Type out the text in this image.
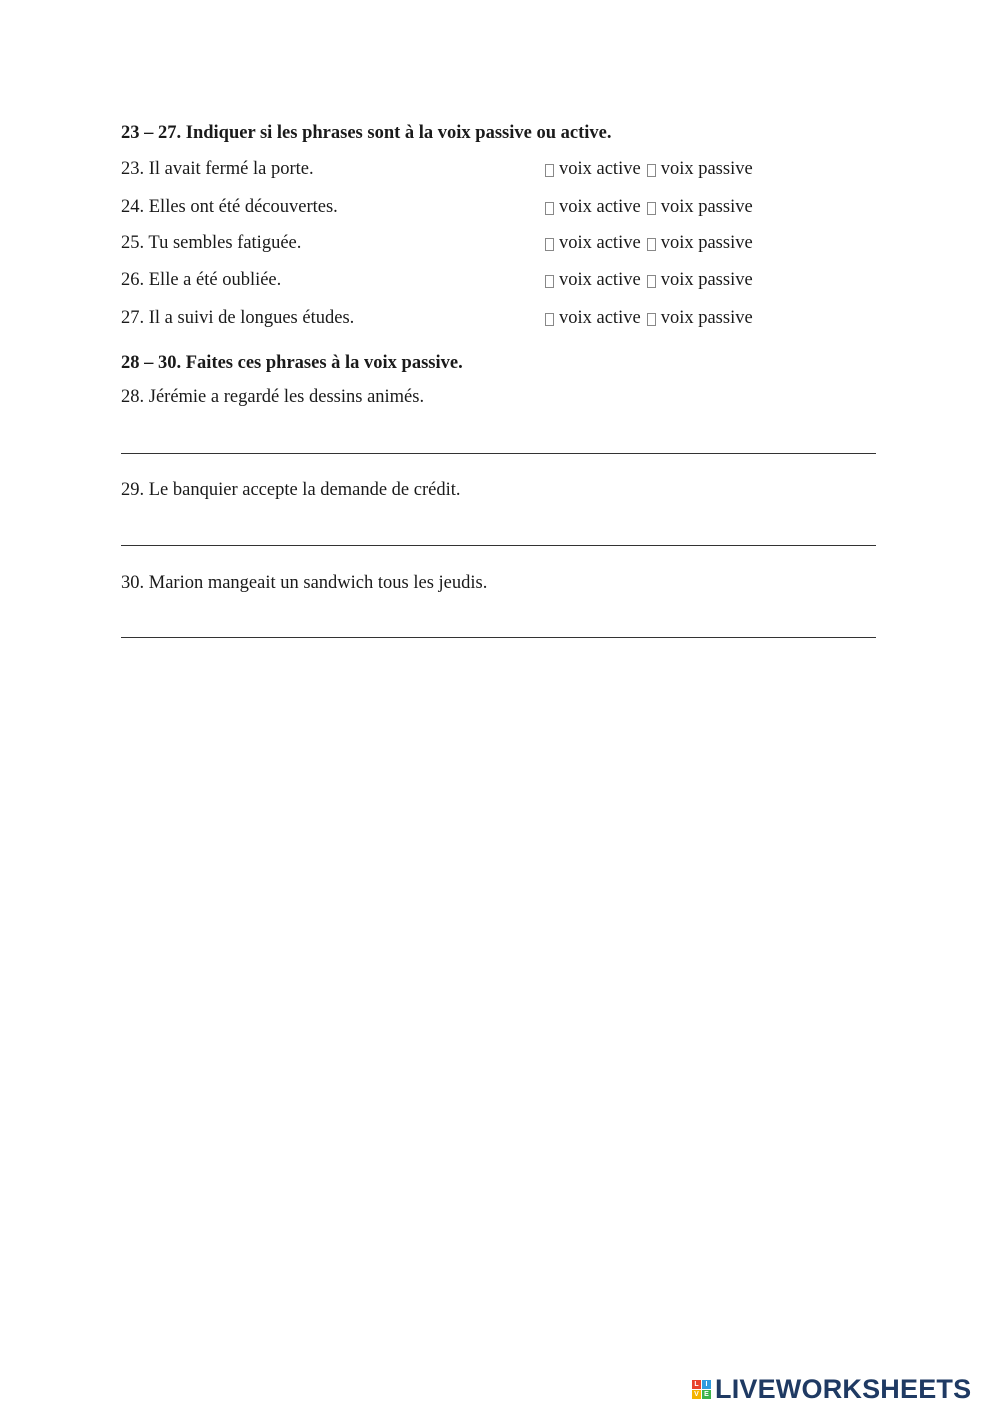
23 – 27. Indiquer si les phrases sont à la voix passive ou active.
23. Il avait fermé la porte.	voix active voix passive
24. Elles ont été découvertes.	voix active voix passive
25. Tu sembles fatiguée.	voix active voix passive
26. Elle a été oubliée.	voix active voix passive
27. Il a suivi de longues études.	voix active voix passive
28 – 30. Faites ces phrases à la voix passive.
28. Jérémie a regardé les dessins animés.
29. Le banquier accepte la demande de crédit.
30. Marion mangeait un sandwich tous les jeudis.
L I
V E LIVEWORKSHEETS
